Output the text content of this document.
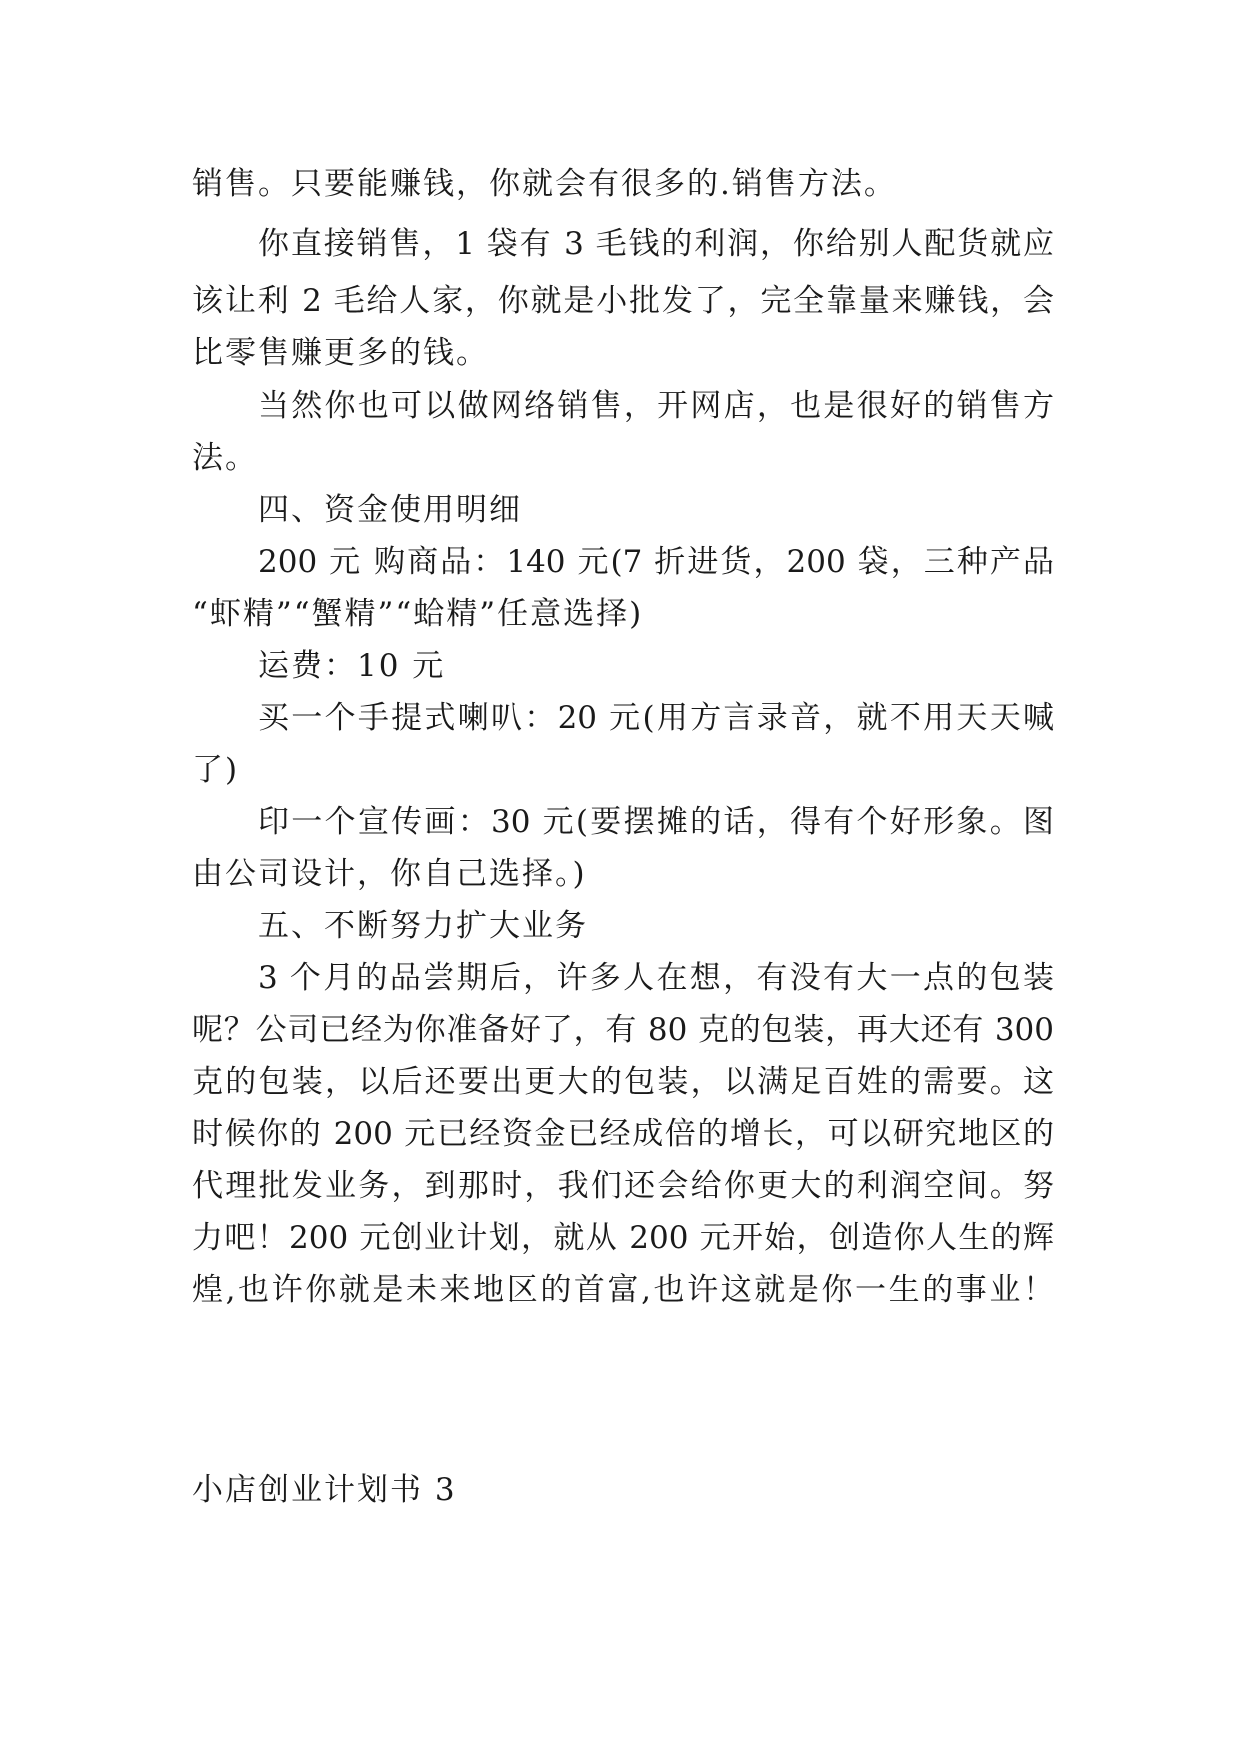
销售。只要能赚钱，你就会有很多的.销售方法。
你直接销售，1 袋有 3 毛钱的利润，你给别人配货就应
该让利 2 毛给人家，你就是小批发了，完全靠量来赚钱，会
比零售赚更多的钱。
当然你也可以做网络销售，开网店，也是很好的销售方
法。
四、资金使用明细
200 元 购商品：140 元(7 折进货，200 袋，三种产品
“虾精”“蟹精”“蛤精”任意选择)
运费：10 元
买一个手提式喇叭：20 元(用方言录音，就不用天天喊
了)
印一个宣传画：30 元(要摆摊的话，得有个好形象。图
由公司设计，你自己选择。)
五、不断努力扩大业务
3 个月的品尝期后，许多人在想，有没有大一点的包装
呢？公司已经为你准备好了，有 80 克的包装，再大还有 300
克的包装，以后还要出更大的包装，以满足百姓的需要。这
时候你的 200 元已经资金已经成倍的增长，可以研究地区的
代理批发业务，到那时，我们还会给你更大的利润空间。努
力吧！200 元创业计划，就从 200 元开始，创造你人生的辉
煌,也许你就是未来地区的首富,也许这就是你一生的事业！
小店创业计划书 3
